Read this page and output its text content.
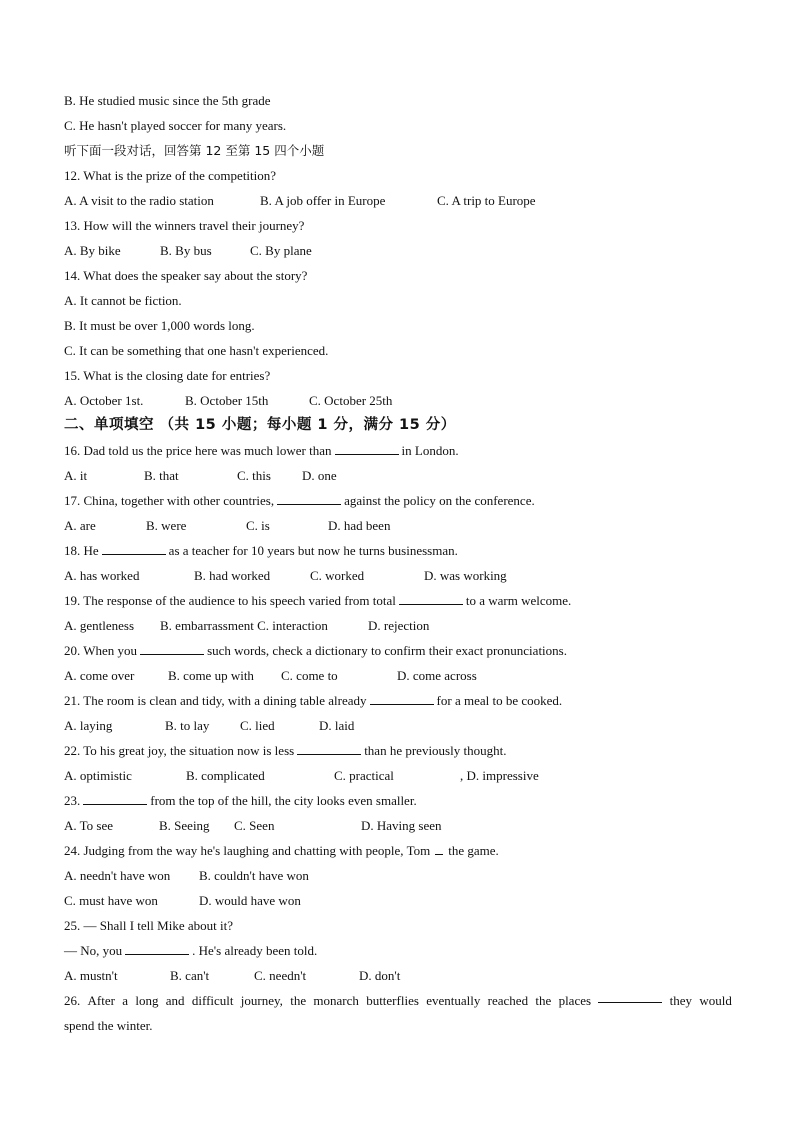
B. He studied music since the 5th grade
C. He hasn't played soccer for many years.
听下面一段对话，回答第 12 至第 15 四个小题
12. What is the prize of the competition?
A. A visit to the radio station	B. A job offer in Europe	C. A trip to Europe
13. How will the winners travel their journey?
A. By bike	B. By bus	C. By plane
14. What does the speaker say about the story?
A. It cannot be fiction.
B. It must be over 1,000 words long.
C. It can be something that one hasn't experienced.
15. What is the closing date for entries?
A. October 1st.	B. October 15th	C. October 25th
二、单项填空 （共 15 小题；每小题 1 分，满分 15 分）
16. Dad told us the price here was much lower than	in London.
A. it	B. that	C. this D. one
17. China, together with other countries,	against the policy on the conference.
A. are	B. were	C. is	D. had been
18. He	as a teacher for 10 years but now he turns businessman.
A. has worked	B. had worked	C. worked	D. was working
19. The response of the audience to his speech varied from total	to a warm welcome.
A. gentleness B. embarrassment C. interaction	D. rejection
20. When you	such words, check a dictionary to confirm their exact pronunciations.
A. come over	B. come up with C. come to	D. come across
21. The room is clean and tidy, with a dining table already	for a meal to be cooked.
A. laying	B. to lay C. lied	D. laid
22. To his great joy, the situation now is less	than he previously thought.
A. optimistic	B. complicated	C. practical	, D. impressive
23.	from the top of the hill, the city looks even smaller.
A. To see	B. Seeing C. Seen	D. Having seen
24. Judging from the way he's laughing and chatting with people, Tom the game.
A. needn't have won B. couldn't have won
C. must have won	D. would have won
25. — Shall I tell Mike about it?
— No, you	. He's already been told.
A. mustn't	B. can't	C. needn't	D. don't
26. After a long and difficult journey, the monarch butterflies eventually reached the places	they would
spend the winter.
